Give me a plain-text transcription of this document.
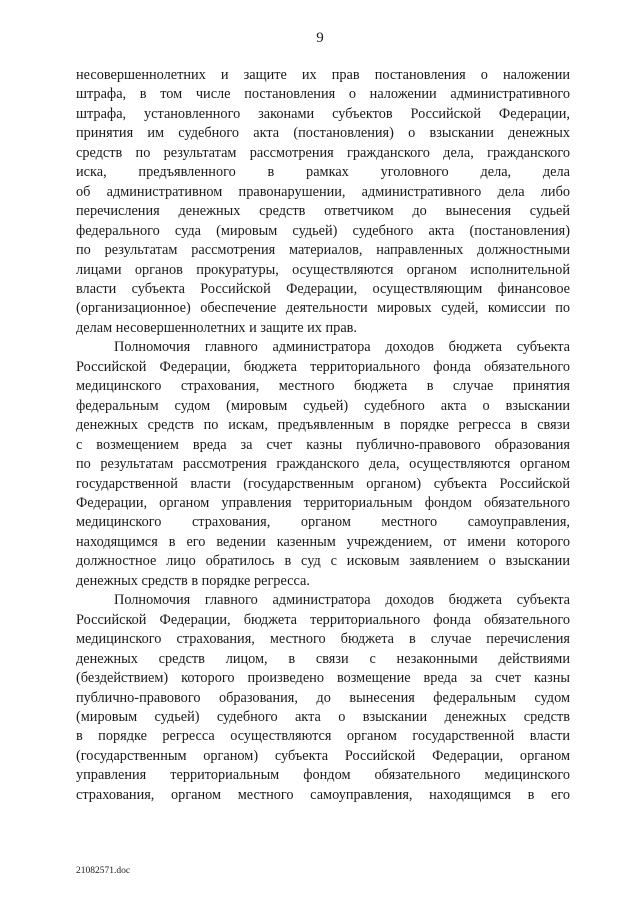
9
несовершеннолетних и защите их прав постановления о наложении
штрафа, в том числе постановления о наложении административного
штрафа, установленного законами субъектов Российской Федерации,
принятия им судебного акта (постановления) о взыскании денежных
средств по результатам рассмотрения гражданского дела, гражданского
иска, предъявленного в рамках уголовного дела, дела
об административном правонарушении, административного дела либо
перечисления денежных средств ответчиком до вынесения судьей
федерального суда (мировым судьей) судебного акта (постановления)
по результатам рассмотрения материалов, направленных должностными
лицами органов прокуратуры, осуществляются органом исполнительной
власти субъекта Российской Федерации, осуществляющим финансовое
(организационное) обеспечение деятельности мировых судей, комиссии по
делам несовершеннолетних и защите их прав.
Полномочия главного администратора доходов бюджета субъекта
Российской Федерации, бюджета территориального фонда обязательного
медицинского страхования, местного бюджета в случае принятия
федеральным судом (мировым судьей) судебного акта о взыскании
денежных средств по искам, предъявленным в порядке регресса в связи
с возмещением вреда за счет казны публично-правового образования
по результатам рассмотрения гражданского дела, осуществляются органом
государственной власти (государственным органом) субъекта Российской
Федерации, органом управления территориальным фондом обязательного
медицинского страхования, органом местного самоуправления,
находящимся в его ведении казенным учреждением, от имени которого
должностное лицо обратилось в суд с исковым заявлением о взыскании
денежных средств в порядке регресса.
Полномочия главного администратора доходов бюджета субъекта
Российской Федерации, бюджета территориального фонда обязательного
медицинского страхования, местного бюджета в случае перечисления
денежных средств лицом, в связи с незаконными действиями
(бездействием) которого произведено возмещение вреда за счет казны
публично-правового образования, до вынесения федеральным судом
(мировым судьей) судебного акта о взыскании денежных средств
в порядке регресса осуществляются органом государственной власти
(государственным органом) субъекта Российской Федерации, органом
управления территориальным фондом обязательного медицинского
страхования, органом местного самоуправления, находящимся в его
21082571.doc
